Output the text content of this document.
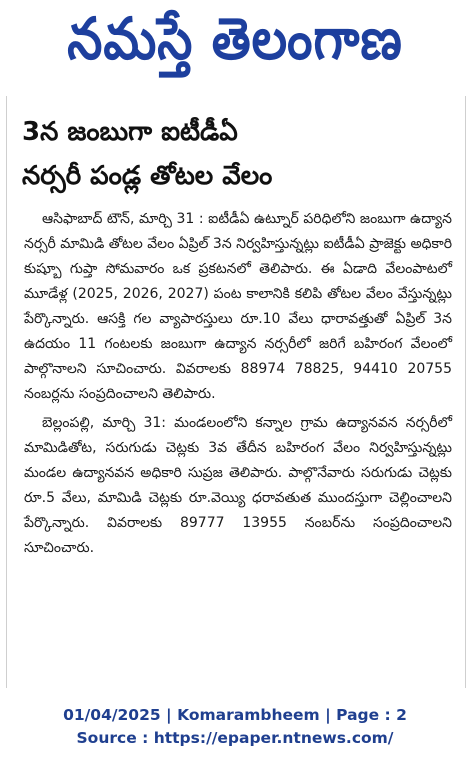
నమస్తే తెలంగాణ
3న జంబుగా ఐటీడీఏ
నర్సరీ పండ్ల తోటల వేలం

ఆసిఫాబాద్ టౌన్, మార్చి 31 : ఐటీడీఏ ఉట్నూర్ పరిధిలోని జంబుగా ఉద్యాన నర్సరీ మామిడి తోటల వేలం ఏప్రిల్ 3న నిర్వహిస్తున్నట్లు ఐటీడీఏ ప్రాజెక్టు అధికారి కుష్బూ గుప్తా సోమవారం ఒక ప్రకటనలో తెలిపారు. ఈ ఏడాది వేలంపాటలో మూడేళ్ల (2025, 2026, 2027) పంట కాలానికి కలిపి తోటల వేలం వేస్తున్నట్లు పేర్కొన్నారు. ఆసక్తి గల వ్యాపారస్తులు రూ.10 వేలు ధారావత్తుతో ఏప్రిల్ 3న ఉదయం 11 గంటలకు జంబుగా ఉద్యాన నర్సరీలో జరిగే బహిరంగ వేలంలో పాల్గొనాలని సూచించారు. వివరాలకు 88974 78825, 94410 20755 నంబర్లను సంప్రదించాలని తెలిపారు.

బెల్లంపల్లి, మార్చి 31: మండలంలోని కన్నాల గ్రామ ఉద్యానవన నర్సరీలో మామిడితోట, సరుగుడు చెట్లకు 3వ తేదీన బహిరంగ వేలం నిర్వహిస్తున్నట్లు మండల ఉద్యానవన అధికారి సుప్రజ తెలిపారు. పాల్గొనేవారు సరుగుడు చెట్లకు రూ.5 వేలు, మామిడి చెట్లకు రూ.వెయ్యి ధరావతుత ముందస్తుగా చెల్లించాలని పేర్కొన్నారు. వివరాలకు 89777 13955 నంబర్‌ను సంప్రదించాలని సూచించారు.

01/04/2025 | Komarambheem | Page : 2
Source : https://epaper.ntnews.com/
